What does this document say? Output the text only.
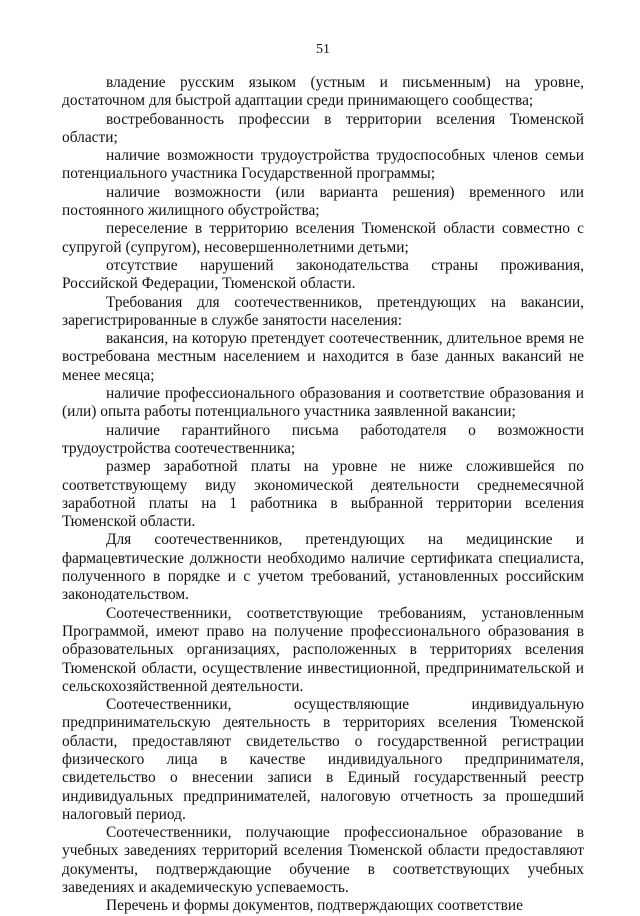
51

владение русским языком (устным и письменным) на уровне, достаточном для быстрой адаптации среди принимающего сообщества;

востребованность профессии в территории вселения Тюменской области;

наличие возможности трудоустройства трудоспособных членов семьи потенциального участника Государственной программы;

наличие возможности (или варианта решения) временного или постоянного жилищного обустройства;

переселение в территорию вселения Тюменской области совместно с супругой (супругом), несовершеннолетними детьми;

отсутствие нарушений законодательства страны проживания, Российской Федерации, Тюменской области.

Требования для соотечественников, претендующих на вакансии, зарегистрированные в службе занятости населения:

вакансия, на которую претендует соотечественник, длительное время не востребована местным населением и находится в базе данных вакансий не менее месяца;

наличие профессионального образования и соответствие образования и (или) опыта работы потенциального участника заявленной вакансии;

наличие гарантийного письма работодателя о возможности трудоустройства соотечественника;

размер заработной платы на уровне не ниже сложившейся по соответствующему виду экономической деятельности среднемесячной заработной платы на 1 работника в выбранной территории вселения Тюменской области.

Для соотечественников, претендующих на медицинские и фармацевтические должности необходимо наличие сертификата специалиста, полученного в порядке и с учетом требований, установленных российским законодательством.

Соотечественники, соответствующие требованиям, установленным Программой, имеют право на получение профессионального образования в образовательных организациях, расположенных в территориях вселения Тюменской области, осуществление инвестиционной, предпринимательской и сельскохозяйственной деятельности.

Соотечественники, осуществляющие индивидуальную предпринимательскую деятельность в территориях вселения Тюменской области, предоставляют свидетельство о государственной регистрации физического лица в качестве индивидуального предпринимателя, свидетельство о внесении записи в Единый государственный реестр индивидуальных предпринимателей, налоговую отчетность за прошедший налоговый период.

Соотечественники, получающие профессиональное образование в учебных заведениях территорий вселения Тюменской области предоставляют документы, подтверждающие обучение в соответствующих учебных заведениях и академическую успеваемость.

Перечень и формы документов, подтверждающих соответствие
